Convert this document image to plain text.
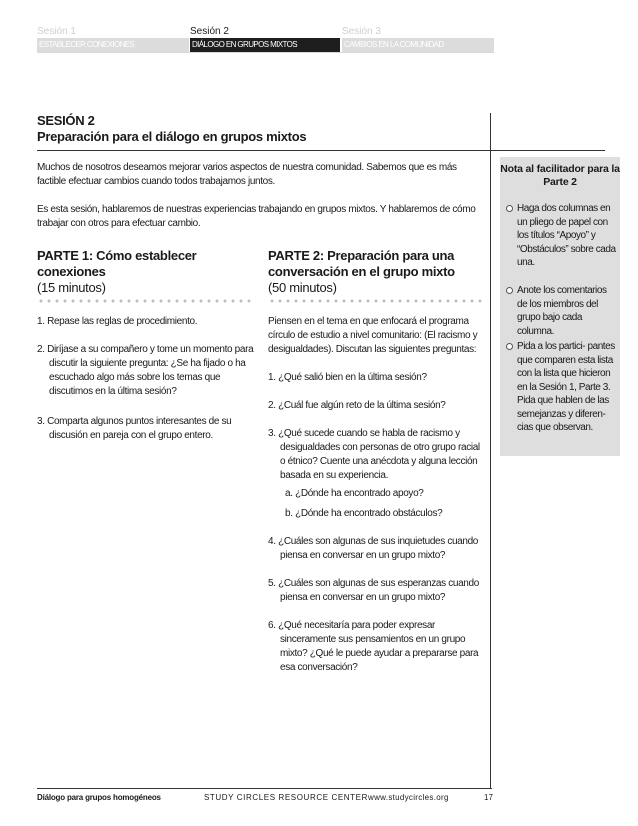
Sesión 1
ESTABLECER CONEXIONES
Sesión 2
DIÁLOGO EN GRUPOS MIXTOS
Sesión 3
CAMBIOS EN LA COMUNIDAD
SESIÓN 2
Preparación para el diálogo en grupos mixtos

Muchos de nosotros deseamos mejorar varios aspectos de nuestra comunidad. Sabemos que es más factible efectuar cambios cuando todos trabajamos juntos.

Es esta sesión, hablaremos de nuestras experiencias trabajando en grupos mixtos. Y hablaremos de cómo trabajar con otros para efectuar cambio.

PARTE 1: Cómo establecer conexiones
(15 minutos)

1. Repase las reglas de procedimiento.

2. Diríjase a su compañero y tome un momento para discutir la siguiente pregunta: ¿Se ha fijado o ha escuchado algo más sobre los temas que discutimos en la última sesión?

3. Comparta algunos puntos interesantes de su discusión en pareja con el grupo entero.

PARTE 2: Preparación para una conversación en el grupo mixto
(50 minutos)

Piensen en el tema en que enfocará el programa círculo de estudio a nivel comunitario: (El racismo y desigualdades). Discutan las siguientes preguntas:

1. ¿Qué salió bien en la última sesión?

2. ¿Cuál fue algún reto de la última sesión?

3. ¿Qué sucede cuando se habla de racismo y desigualdades con personas de otro grupo racial o étnico? Cuente una anécdota y alguna lección basada en su experiencia.

a. ¿Dónde ha encontrado apoyo?

b. ¿Dónde ha encontrado obstáculos?

4. ¿Cuáles son algunas de sus inquietudes cuando piensa en conversar en un grupo mixto?

5. ¿Cuáles son algunas de sus esperanzas cuando piensa en conversar en un grupo mixto?

6. ¿Qué necesitaría para poder expresar sinceramente sus pensamientos en un grupo mixto? ¿Qué le puede ayudar a prepararse para esa conversación?

Nota al facilitador para la Parte 2
Haga dos columnas en un pliego de papel con los títulos “Apoyo” y “Obstáculos” sobre cada una.
Anote los comentarios de los miembros del grupo bajo cada columna.
Pida a los partici- pantes que comparen esta lista con la lista que hicieron en la Sesión 1, Parte 3. Pida que hablen de las semejanzas y diferen- cias que observan.
Diálogo para grupos homogéneos	STUDY CIRCLES RESOURCE CENTER www.studycircles.org	17
